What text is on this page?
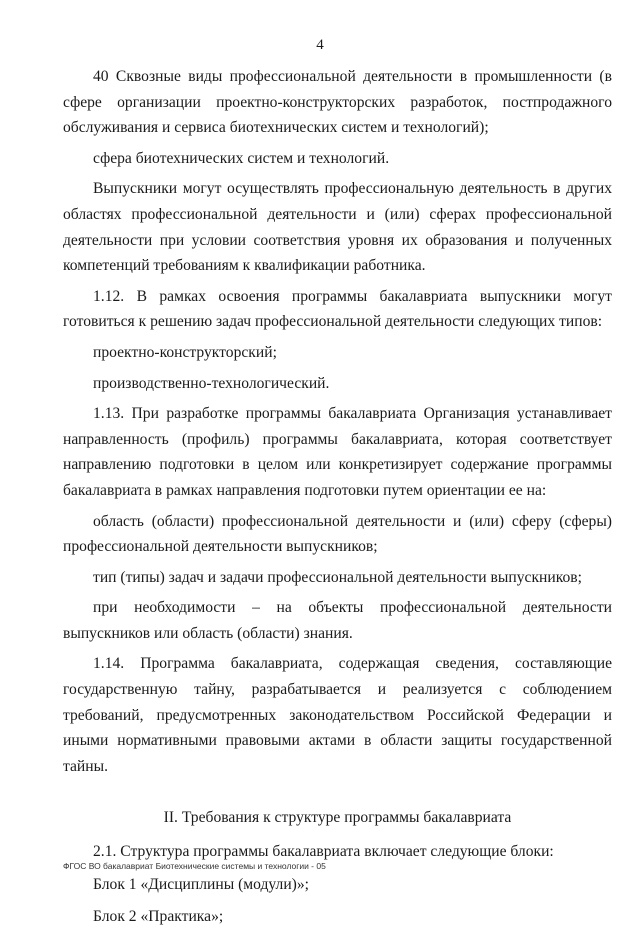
4

40 Сквозные виды профессиональной деятельности в промышленности (в сфере организации проектно-конструкторских разработок, постпродажного обслуживания и сервиса биотехнических систем и технологий);

сфера биотехнических систем и технологий.

Выпускники могут осуществлять профессиональную деятельность в других областях профессиональной деятельности и (или) сферах профессиональной деятельности при условии соответствия уровня их образования и полученных компетенций требованиям к квалификации работника.

1.12. В рамках освоения программы бакалавриата выпускники могут готовиться к решению задач профессиональной деятельности следующих типов:

проектно-конструкторский;

производственно-технологический.

1.13. При разработке программы бакалавриата Организация устанавливает направленность (профиль) программы бакалавриата, которая соответствует направлению подготовки в целом или конкретизирует содержание программы бакалавриата в рамках направления подготовки путем ориентации ее на:

область (области) профессиональной деятельности и (или) сферу (сферы) профессиональной деятельности выпускников;

тип (типы) задач и задачи профессиональной деятельности выпускников;

при необходимости – на объекты профессиональной деятельности выпускников или область (области) знания.

1.14. Программа бакалавриата, содержащая сведения, составляющие государственную тайну, разрабатывается и реализуется с соблюдением требований, предусмотренных законодательством Российской Федерации и иными нормативными правовыми актами в области защиты государственной тайны.

II. Требования к структуре программы бакалавриата

2.1. Структура программы бакалавриата включает следующие блоки:

Блок 1 «Дисциплины (модули)»;

Блок 2 «Практика»;

ФГОС ВО бакалавриат Биотехнические системы и технологии - 05
